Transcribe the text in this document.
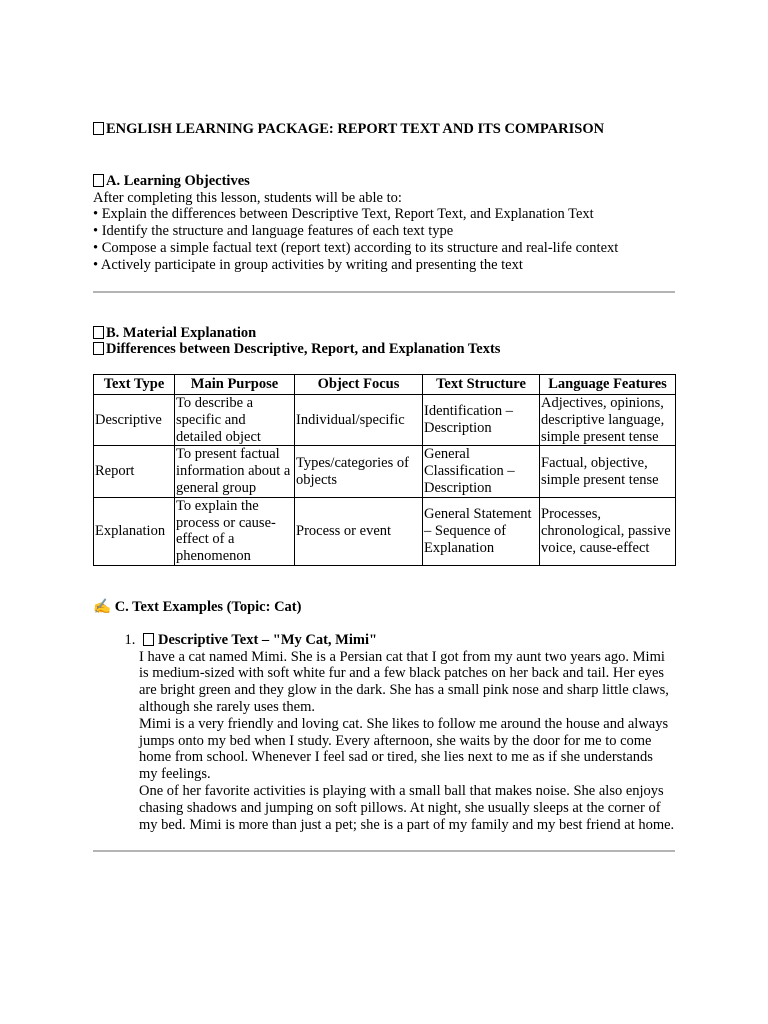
ENGLISH LEARNING PACKAGE: REPORT TEXT AND ITS COMPARISON

A. Learning Objectives

After completing this lesson, students will be able to:

• Explain the differences between Descriptive Text, Report Text, and Explanation Text

• Identify the structure and language features of each text type

• Compose a simple factual text (report text) according to its structure and real-life context

• Actively participate in group activities by writing and presenting the text

B. Material Explanation

Differences between Descriptive, Report, and Explanation Texts

Text Type	Main Purpose	Object Focus	Text Structure	Language Features
Descriptive	To describe a specific and detailed object	Individual/specific	Identification – Description	Adjectives, opinions, descriptive language, simple present tense
Report	To present factual information about a general group	Types/categories of objects	General Classification – Description	Factual, objective, simple present tense
Explanation	To explain the process or cause-effect of a phenomenon	Process or event	General Statement – Sequence of Explanation	Processes, chronological, passive voice, cause-effect

✍ C. Text Examples (Topic: Cat)

1. Descriptive Text – "My Cat, Mimi"

I have a cat named Mimi. She is a Persian cat that I got from my aunt two years ago. Mimi is medium-sized with soft white fur and a few black patches on her back and tail. Her eyes are bright green and they glow in the dark. She has a small pink nose and sharp little claws, although she rarely uses them.

Mimi is a very friendly and loving cat. She likes to follow me around the house and always jumps onto my bed when I study. Every afternoon, she waits by the door for me to come home from school. Whenever I feel sad or tired, she lies next to me as if she understands my feelings.

One of her favorite activities is playing with a small ball that makes noise. She also enjoys chasing shadows and jumping on soft pillows. At night, she usually sleeps at the corner of my bed. Mimi is more than just a pet; she is a part of my family and my best friend at home.
